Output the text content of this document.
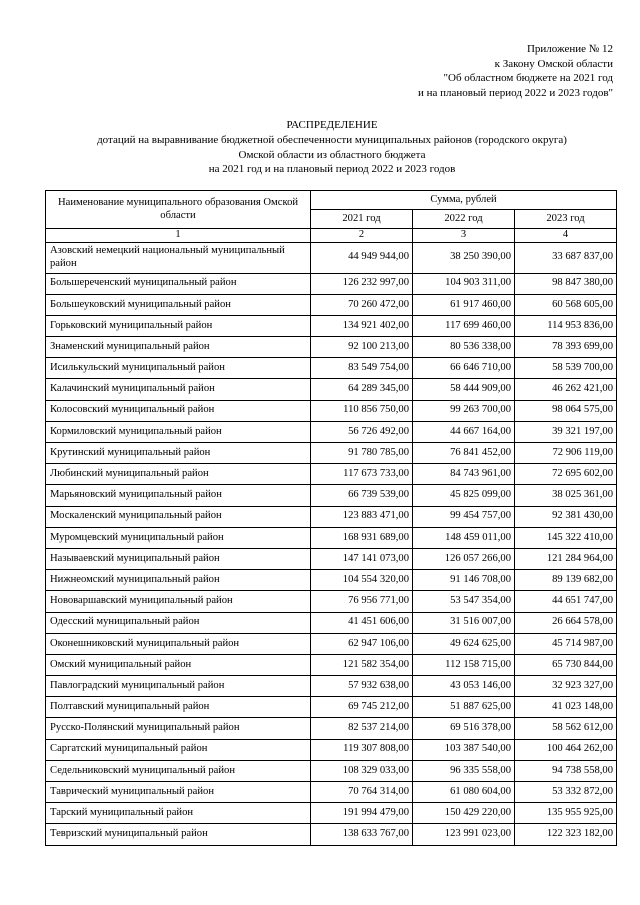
Приложение № 12
к Закону Омской области
"Об областном бюджете на 2021 год
и на плановый период 2022 и 2023 годов"
РАСПРЕДЕЛЕНИЕ
дотаций на выравнивание бюджетной обеспеченности муниципальных районов (городского округа)
Омской области из областного бюджета
на 2021 год и на плановый период 2022 и 2023 годов
Наименование муниципального образования Омской области	Сумма, рублей		
	2021 год	2022 год	2023 год
1	2	3	4
Азовский немецкий национальный муниципальный район	44 949 944,00	38 250 390,00	33 687 837,00
Большереченский муниципальный район	126 232 997,00	104 903 311,00	98 847 380,00
Большеуковский муниципальный район	70 260 472,00	61 917 460,00	60 568 605,00
Горьковский муниципальный район	134 921 402,00	117 699 460,00	114 953 836,00
Знаменский муниципальный район	92 100 213,00	80 536 338,00	78 393 699,00
Исилькульский муниципальный район	83 549 754,00	66 646 710,00	58 539 700,00
Калачинский муниципальный район	64 289 345,00	58 444 909,00	46 262 421,00
Колосовский муниципальный район	110 856 750,00	99 263 700,00	98 064 575,00
Кормиловский муниципальный район	56 726 492,00	44 667 164,00	39 321 197,00
Крутинский муниципальный район	91 780 785,00	76 841 452,00	72 906 119,00
Любинский муниципальный район	117 673 733,00	84 743 961,00	72 695 602,00
Марьяновский муниципальный район	66 739 539,00	45 825 099,00	38 025 361,00
Москаленский муниципальный район	123 883 471,00	99 454 757,00	92 381 430,00
Муромцевский муниципальный район	168 931 689,00	148 459 011,00	145 322 410,00
Называевский муниципальный район	147 141 073,00	126 057 266,00	121 284 964,00
Нижнеомский муниципальный район	104 554 320,00	91 146 708,00	89 139 682,00
Нововаршавский муниципальный район	76 956 771,00	53 547 354,00	44 651 747,00
Одесский муниципальный район	41 451 606,00	31 516 007,00	26 664 578,00
Оконешниковский муниципальный район	62 947 106,00	49 624 625,00	45 714 987,00
Омский муниципальный район	121 582 354,00	112 158 715,00	65 730 844,00
Павлоградский муниципальный район	57 932 638,00	43 053 146,00	32 923 327,00
Полтавский муниципальный район	69 745 212,00	51 887 625,00	41 023 148,00
Русско-Полянский муниципальный район	82 537 214,00	69 516 378,00	58 562 612,00
Саргатский муниципальный район	119 307 808,00	103 387 540,00	100 464 262,00
Седельниковский муниципальный район	108 329 033,00	96 335 558,00	94 738 558,00
Таврический муниципальный район	70 764 314,00	61 080 604,00	53 332 872,00
Тарский муниципальный район	191 994 479,00	150 429 220,00	135 955 925,00
Тевризский муниципальный район	138 633 767,00	123 991 023,00	122 323 182,00
